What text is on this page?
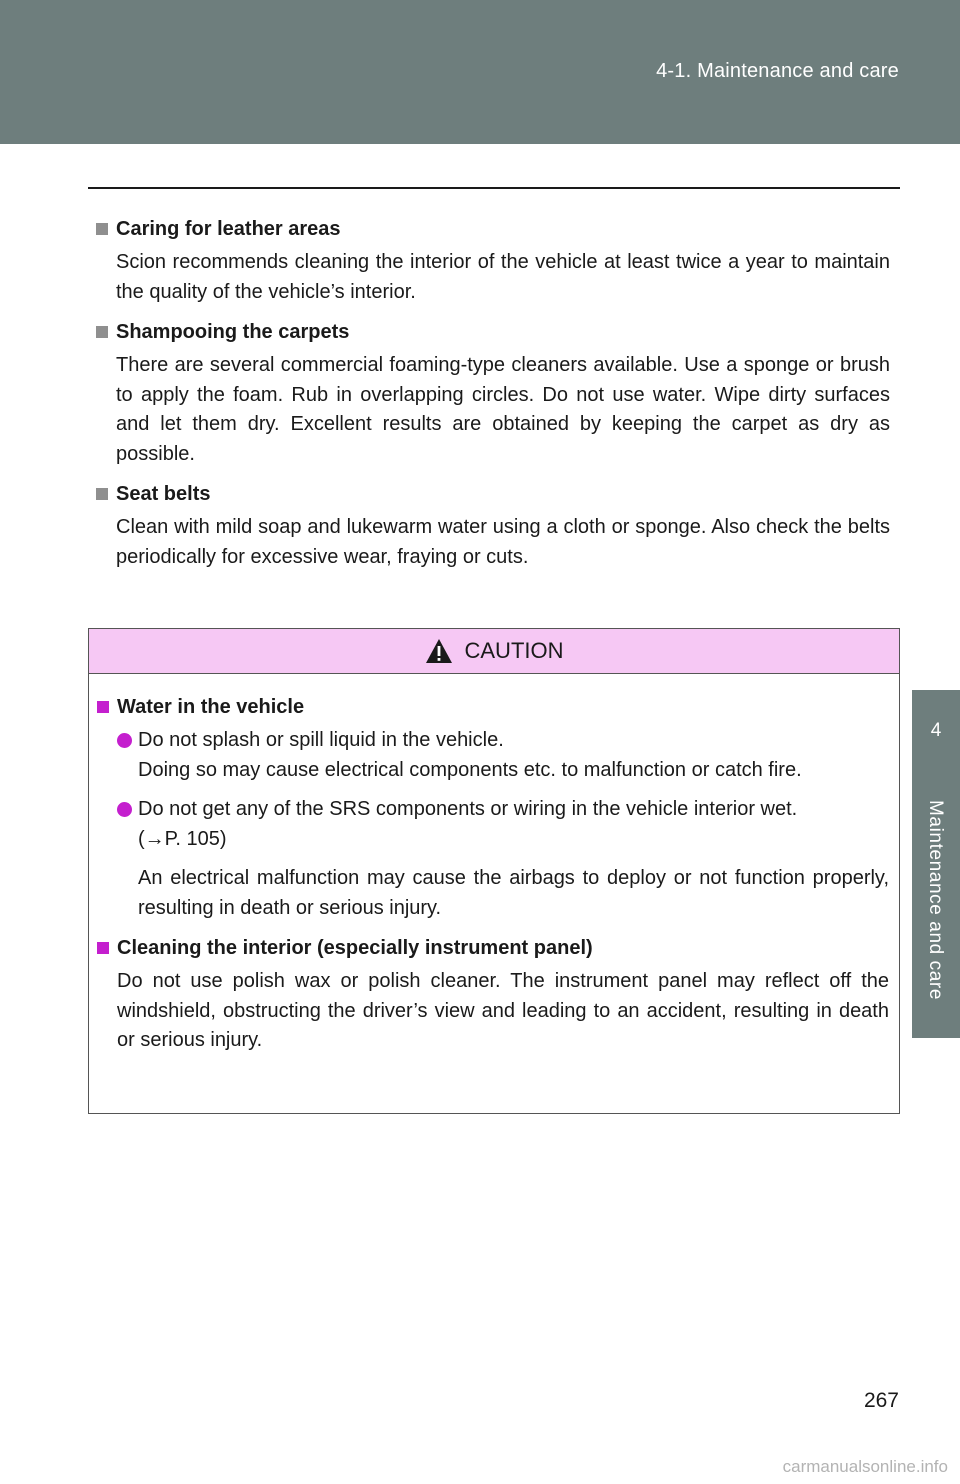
4-1. Maintenance and care
4
Maintenance and care
Caring for leather areas
Scion recommends cleaning the interior of the vehicle at least twice a year to maintain the quality of the vehicle’s interior.
Shampooing the carpets
There are several commercial foaming-type cleaners available. Use a sponge or brush to apply the foam. Rub in overlapping circles. Do not use water. Wipe dirty surfaces and let them dry. Excellent results are obtained by keeping the carpet as dry as possible.
Seat belts
Clean with mild soap and lukewarm water using a cloth or sponge. Also check the belts periodically for excessive wear, fraying or cuts.
CAUTION
Water in the vehicle
Do not splash or spill liquid in the vehicle.
Doing so may cause electrical components etc. to malfunction or catch fire.
Do not get any of the SRS components or wiring in the vehicle interior wet.
(→P. 105)
An electrical malfunction may cause the airbags to deploy or not function properly, resulting in death or serious injury.
Cleaning the interior (especially instrument panel)
Do not use polish wax or polish cleaner. The instrument panel may reflect off the windshield, obstructing the driver’s view and leading to an accident, resulting in death or serious injury.
267
carmanualsonline.info
